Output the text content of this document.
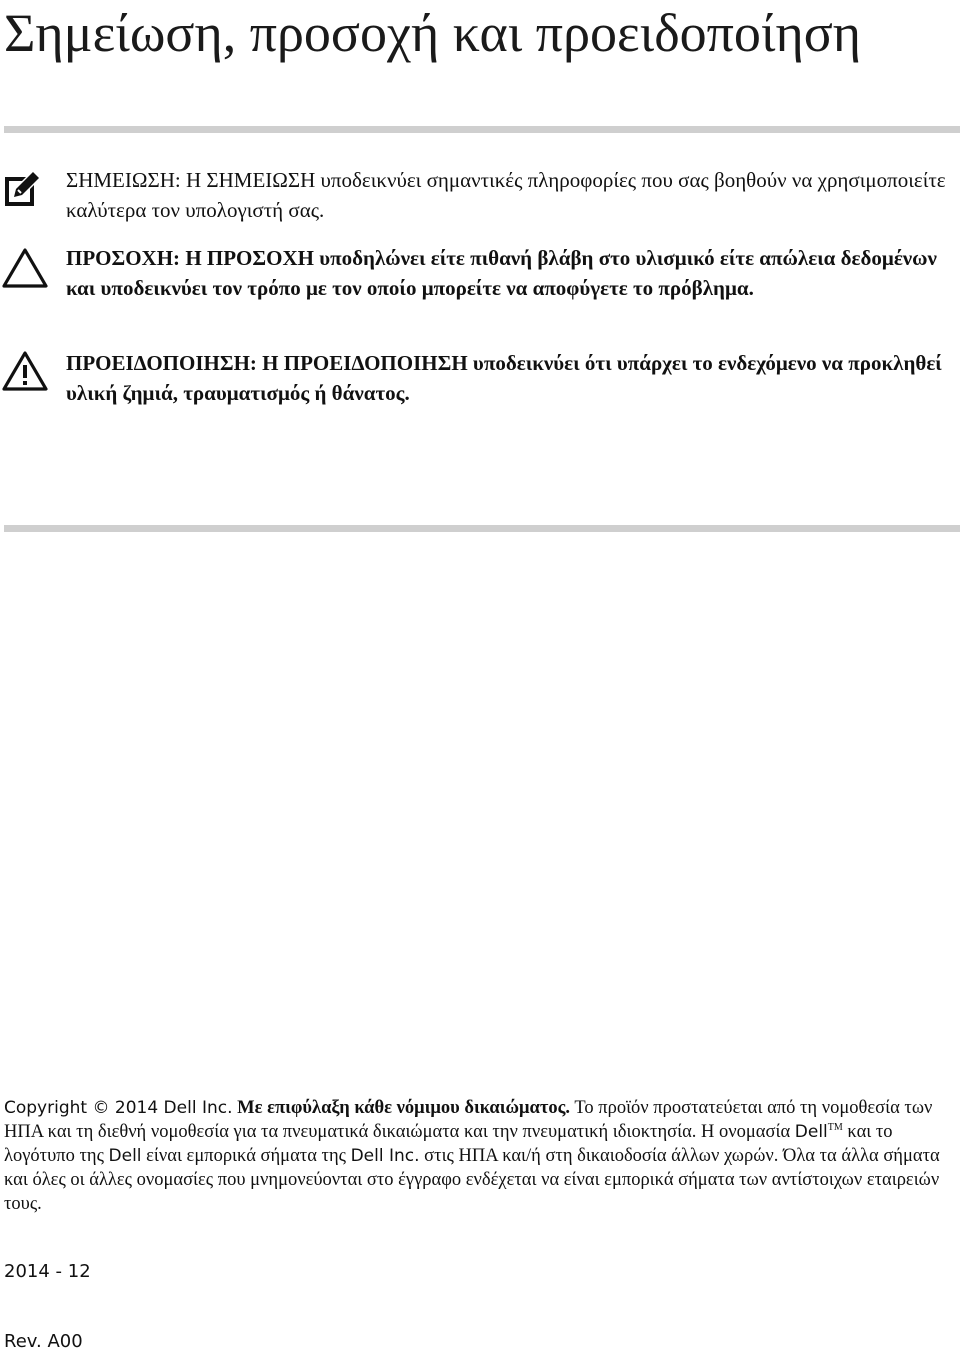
Σημείωση, προσοχή και προειδοποίηση
ΣΗΜΕΙΩΣΗ: Η ΣΗΜΕΙΩΣΗ υποδεικνύει σημαντικές πληροφορίες που σας βοηθούν να χρησιμοποιείτε καλύτερα τον υπολογιστή σας.
ΠΡΟΣΟΧΗ: Η ΠΡΟΣΟΧΗ υποδηλώνει είτε πιθανή βλάβη στο υλισμικό είτε απώλεια δεδομένων και υποδεικνύει τον τρόπο με τον οποίο μπορείτε να αποφύγετε το πρόβλημα.
ΠΡΟΕΙΔΟΠΟΙΗΣΗ: Η ΠΡΟΕΙΔΟΠΟΙΗΣΗ υποδεικνύει ότι υπάρχει το ενδεχόμενο να προκληθεί υλική ζημιά, τραυματισμός ή θάνατος.
Copyright © 2014 Dell Inc. Με επιφύλαξη κάθε νόμιμου δικαιώματος. Το προϊόν προστατεύεται από τη νομοθεσία των ΗΠΑ και τη διεθνή νομοθεσία για τα πνευματικά δικαιώματα και την πνευματική ιδιοκτησία. Η ονομασία Dell™ και το λογότυπο της Dell είναι εμπορικά σήματα της Dell Inc. στις ΗΠΑ και/ή στη δικαιοδοσία άλλων χωρών. Όλα τα άλλα σήματα και όλες οι άλλες ονομασίες που μνημονεύονται στο έγγραφο ενδέχεται να είναι εμπορικά σήματα των αντίστοιχων εταιρειών τους.
2014 - 12
Rev. A00
